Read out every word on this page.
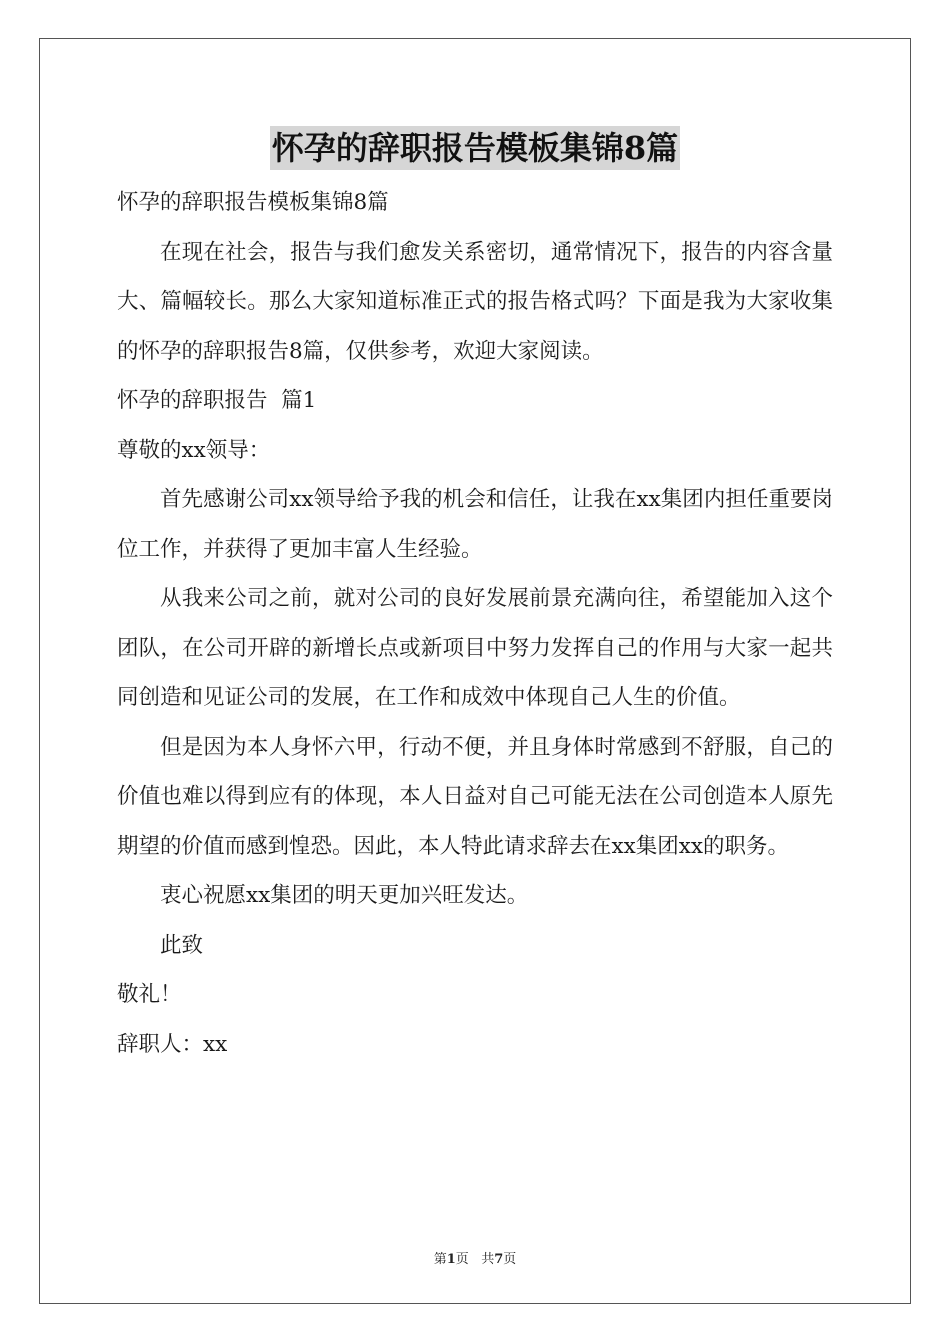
怀孕的辞职报告模板集锦8篇
怀孕的辞职报告模板集锦8篇
在现在社会，报告与我们愈发关系密切，通常情况下，报告的内容含量大、篇幅较长。那么大家知道标准正式的报告格式吗？下面是我为大家收集的怀孕的辞职报告8篇，仅供参考，欢迎大家阅读。
怀孕的辞职报告  篇1
尊敬的xx领导：
首先感谢公司xx领导给予我的机会和信任，让我在xx集团内担任重要岗位工作，并获得了更加丰富人生经验。
从我来公司之前，就对公司的良好发展前景充满向往，希望能加入这个团队，在公司开辟的新增长点或新项目中努力发挥自己的作用与大家一起共同创造和见证公司的发展，在工作和成效中体现自己人生的价值。
但是因为本人身怀六甲，行动不便，并且身体时常感到不舒服，自己的价值也难以得到应有的体现，本人日益对自己可能无法在公司创造本人原先期望的价值而感到惶恐。因此，本人特此请求辞去在xx集团xx的职务。
衷心祝愿xx集团的明天更加兴旺发达。
此致
敬礼！
辞职人：xx
第1页   共7页
